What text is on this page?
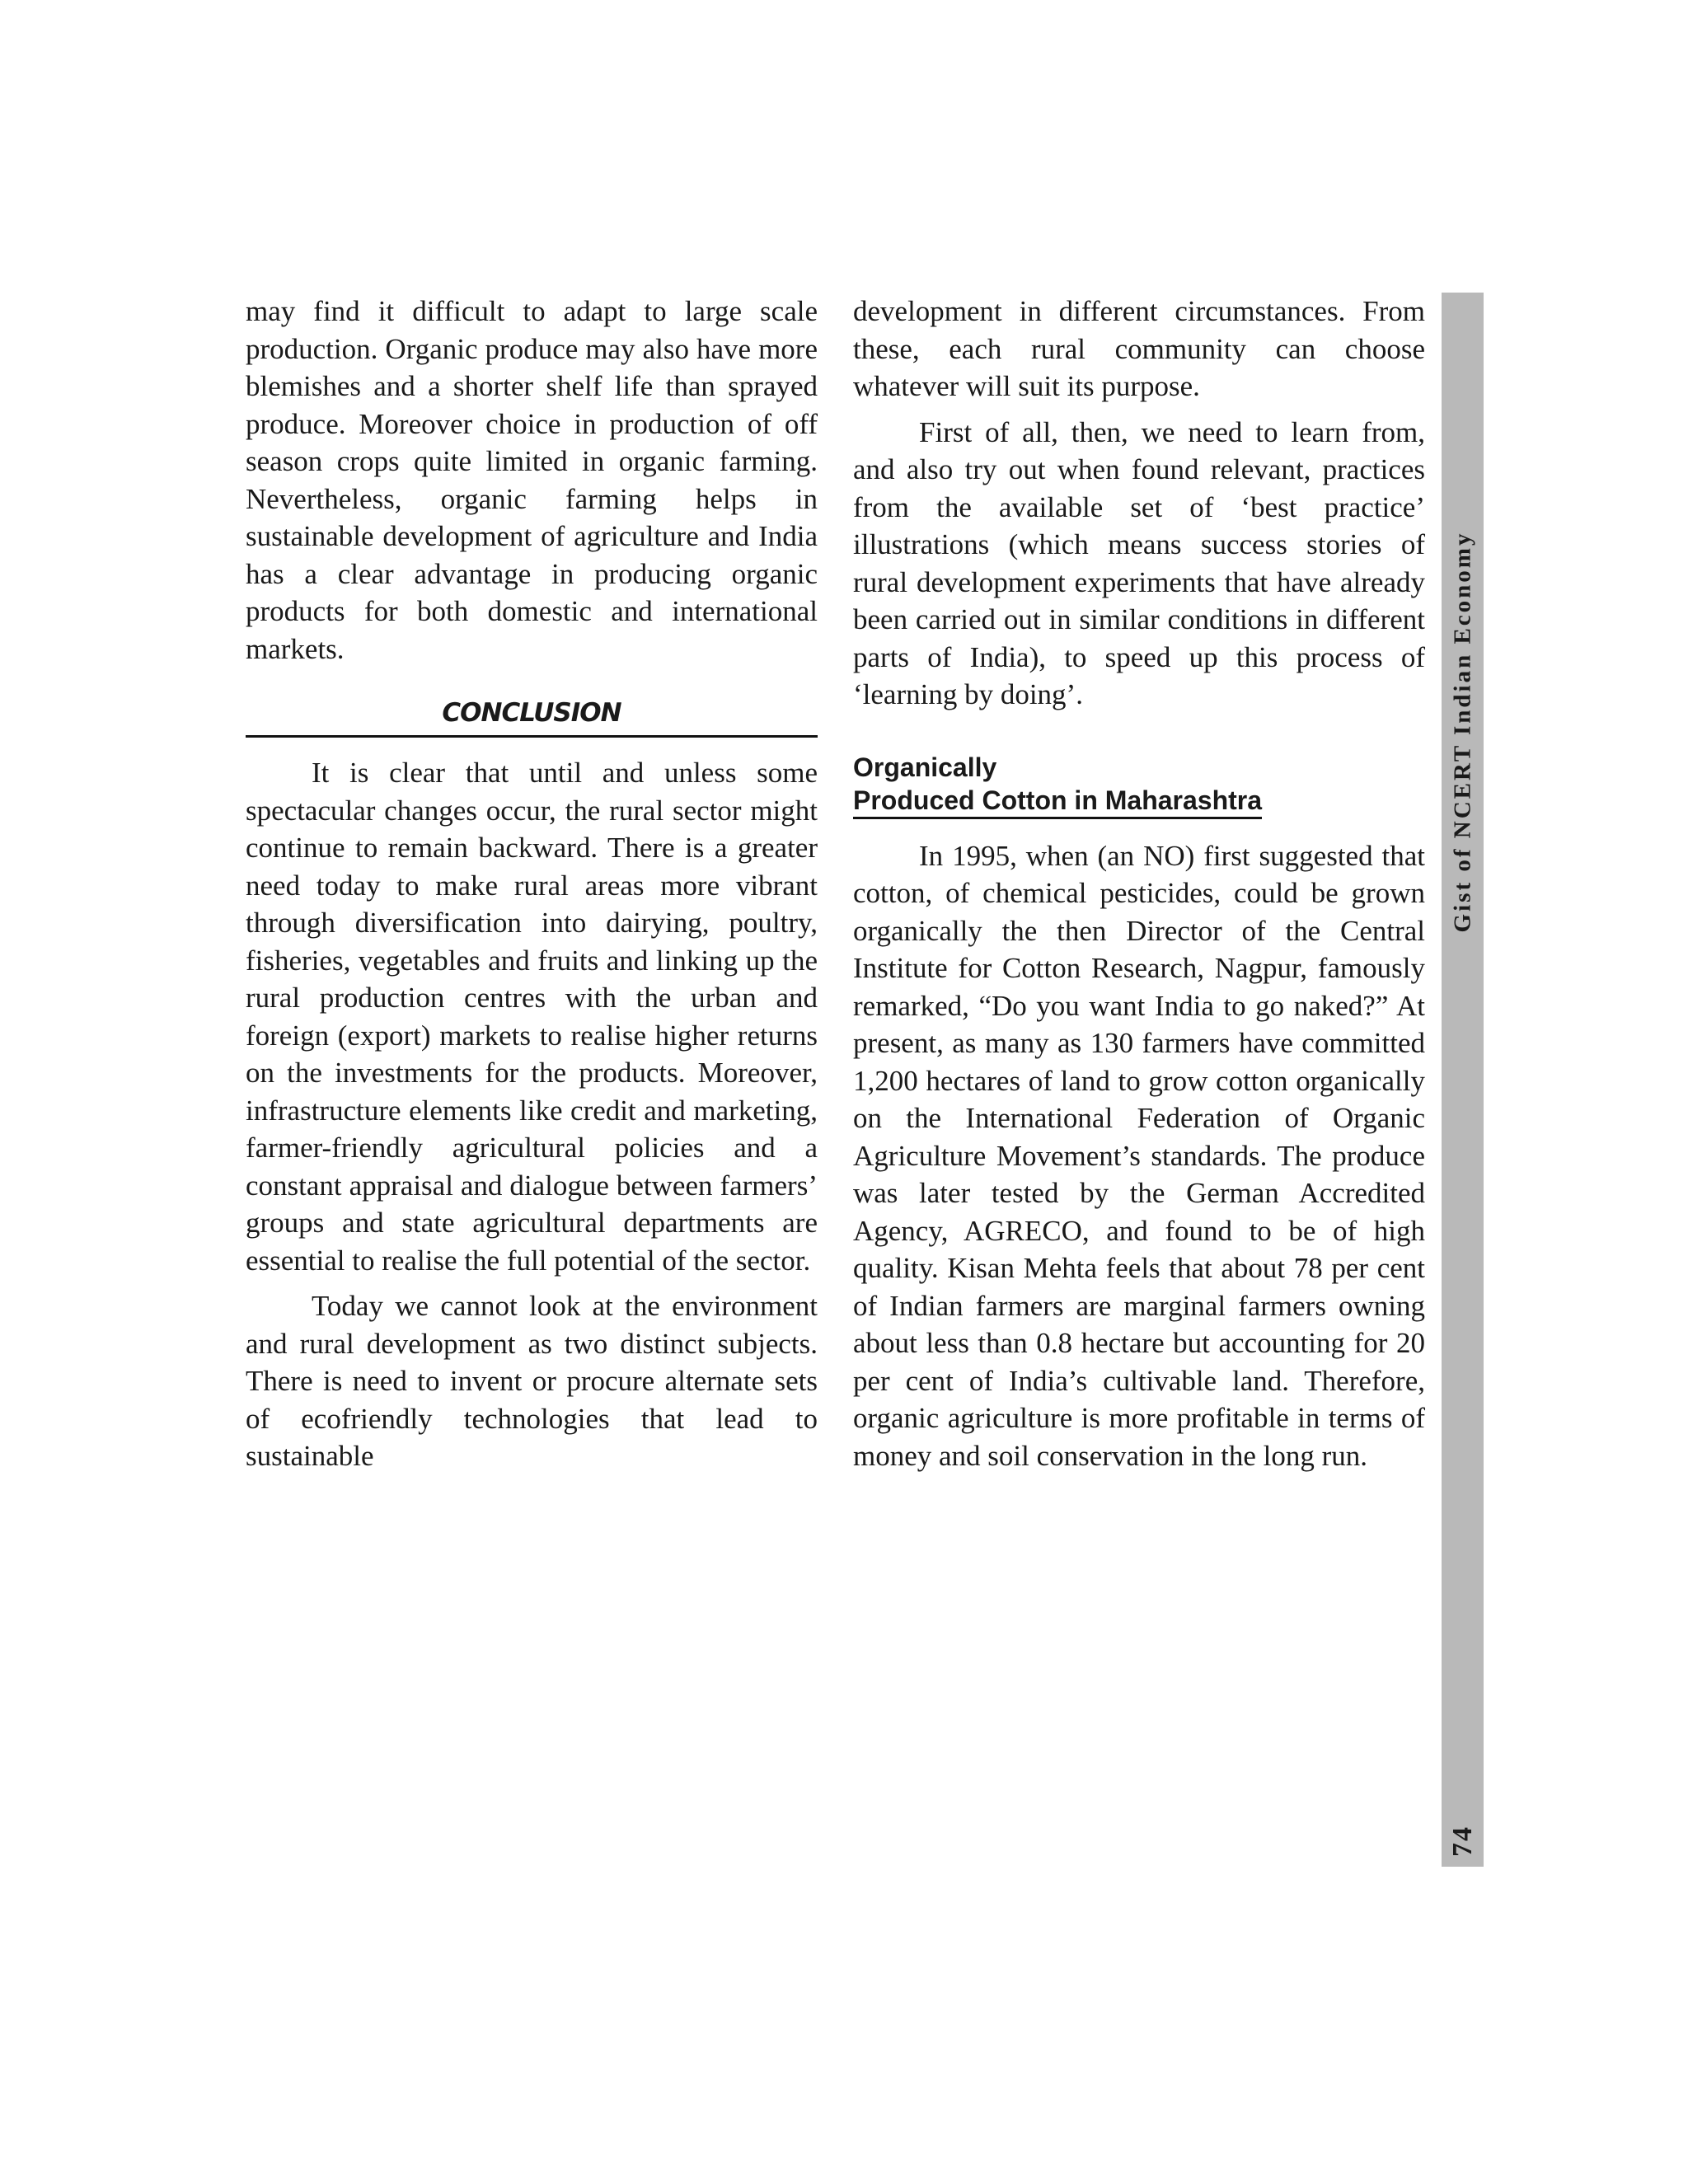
may find it difficult to adapt to large scale production. Organic produce may also have more blemishes and a shorter shelf life than sprayed produce. Moreover choice in production of off season crops quite limited in organic farming. Nevertheless, organic farming helps in sustainable development of agriculture and India has a clear advantage in producing organic products for both domestic and international markets.

CONCLUSION

It is clear that until and unless some spectacular changes occur, the rural sector might continue to remain backward. There is a greater need today to make rural areas more vibrant through diversification into dairying, poultry, fisheries, vegetables and fruits and linking up the rural production centres with the urban and foreign (export) markets to realise higher returns on the investments for the products. Moreover, infrastructure elements like credit and marketing, farmer-friendly agricultural policies and a constant appraisal and dialogue between farmers’ groups and state agricultural departments are essential to realise the full potential of the sector.

Today we cannot look at the environment and rural development as two distinct subjects. There is need to invent or procure alternate sets of ecofriendly technologies that lead to sustainable

development in different circumstances. From these, each rural community can choose whatever will suit its purpose.

First of all, then, we need to learn from, and also try out when found relevant, practices from the available set of ‘best practice’ illustrations (which means success stories of rural development experiments that have already been carried out in similar conditions in different parts of India), to speed up this process of ‘learning by doing’.

Organically
Produced Cotton in Maharashtra

In 1995, when (an NO) first suggested that cotton, of chemical pesticides, could be grown organically the then Director of the Central Institute for Cotton Research, Nagpur, famously remarked, “Do you want India to go naked?” At present, as many as 130 farmers have committed 1,200 hectares of land to grow cotton organically on the International Federation of Organic Agriculture Movement’s standards. The produce was later tested by the German Accredited Agency, AGRECO, and found to be of high quality. Kisan Mehta feels that about 78 per cent of Indian farmers are marginal farmers owning about less than 0.8 hectare but accounting for 20 per cent of India’s cultivable land. Therefore, organic agriculture is more profitable in terms of money and soil conservation in the long run.

Gist of NCERT Indian Economy
74
